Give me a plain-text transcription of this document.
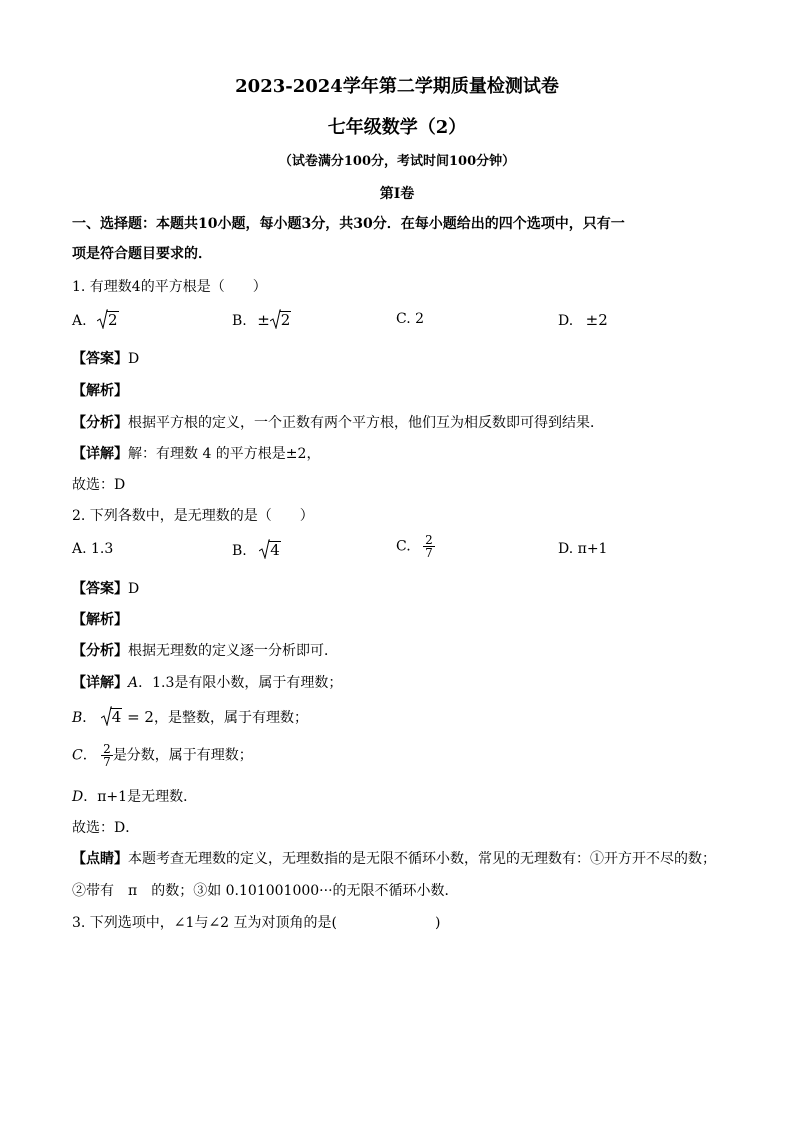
2023-2024学年第二学期质量检测试卷
七年级数学（2）
（试卷满分100分，考试时间100分钟）
第I卷
一、选择题：本题共10小题，每小题3分，共30分．在每小题给出的四个选项中，只有一
项是符合题目要求的．
1. 有理数4的平方根是（　　）
A. 2	B. ± 2	C. 2	D. ±2
【答案】D
【解析】
【分析】根据平方根的定义，一个正数有两个平方根，他们互为相反数即可得到结果．
【详解】解：有理数 4 的平方根是±2，
故选：D
2. 下列各数中，是无理数的是（　　）
A. 1.3	B. 4	C. $\frac{2}{7}$	D. π+1
【答案】D
【解析】
【分析】根据无理数的定义逐一分析即可．
【详解】A．1.3是有限小数，属于有理数；
B． 4 = 2，是整数，属于有理数；
C． $\frac{2}{7}$ 是分数，属于有理数；
D．π+1是无理数．
故选：D．
【点睛】本题考查无理数的定义，无理数指的是无限不循环小数，常见的无理数有：①开方开不尽的数；
②带有　π　的数；③如 0.101001000···的无限不循环小数．
3. 下列选项中，∠1与∠2 互为对顶角的是(　　　　　　　)
